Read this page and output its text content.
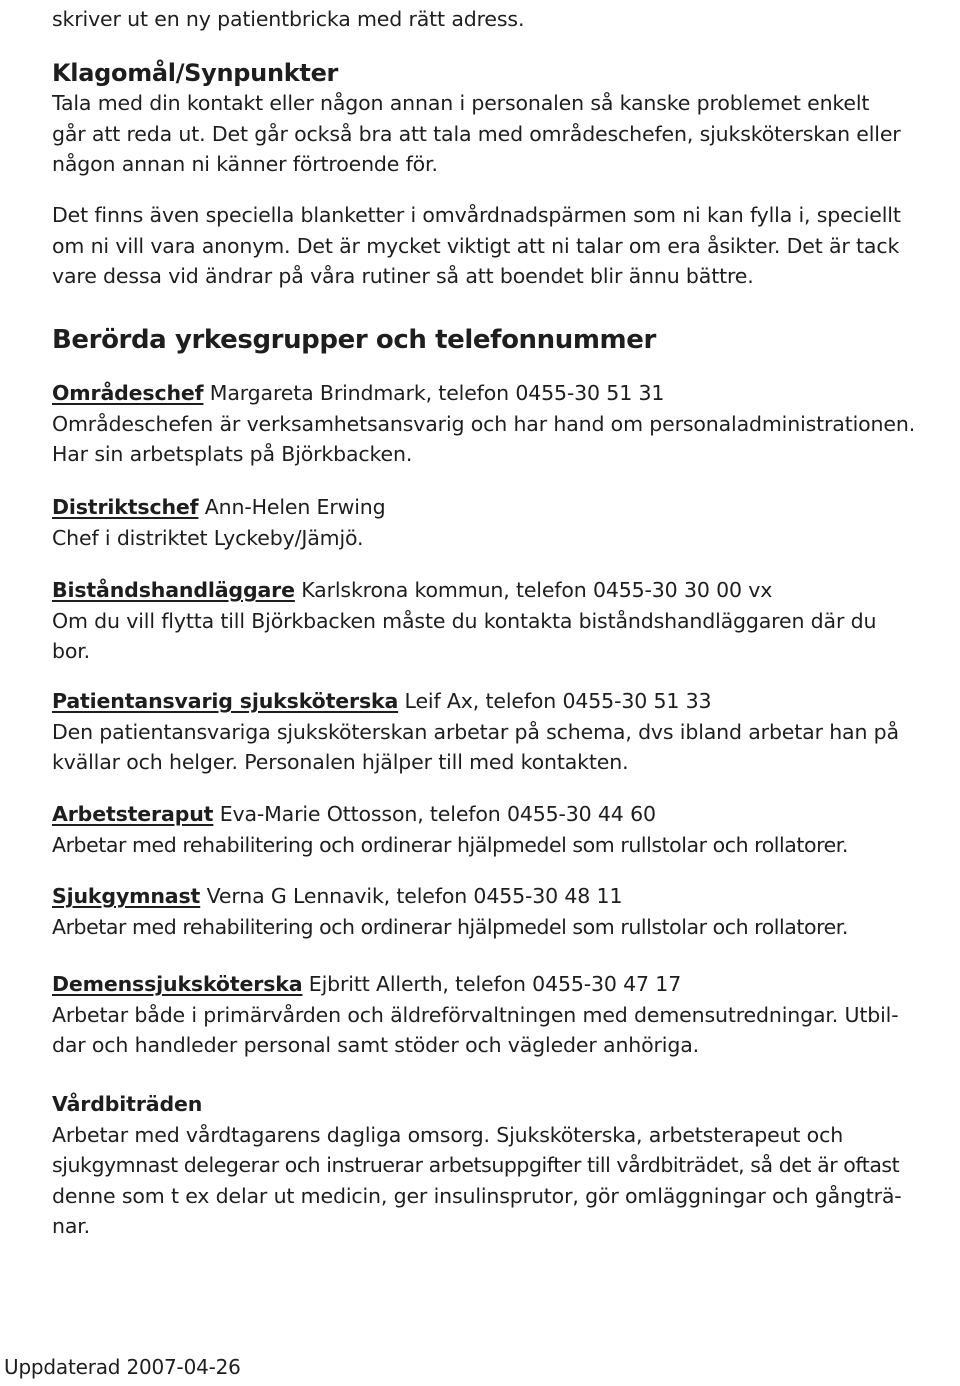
skriver ut en ny patientbricka med rätt adress.

Klagomål/Synpunkter

Tala med din kontakt eller någon annan i personalen så kanske problemet enkelt
går att reda ut. Det går också bra att tala med områdeschefen, sjuksköterskan eller
någon annan ni känner förtroende för.

Det finns även speciella blanketter i omvårdnadspärmen som ni kan fylla i, speciellt
om ni vill vara anonym. Det är mycket viktigt att ni talar om era åsikter. Det är tack
vare dessa vid ändrar på våra rutiner så att boendet blir ännu bättre.

Berörda yrkesgrupper och telefonnummer

Områdeschef Margareta Brindmark, telefon 0455-30 51 31
Områdeschefen är verksamhetsansvarig och har hand om personaladministrationen.
Har sin arbetsplats på Björkbacken.

Distriktschef Ann-Helen Erwing
Chef i distriktet Lyckeby/Jämjö.

Biståndshandläggare Karlskrona kommun, telefon 0455-30 30 00 vx
Om du vill flytta till Björkbacken måste du kontakta biståndshandläggaren där du
bor.

Patientansvarig sjuksköterska Leif Ax, telefon 0455-30 51 33
Den patientansvariga sjuksköterskan arbetar på schema, dvs ibland arbetar han på
kvällar och helger. Personalen hjälper till med kontakten.

Arbetsteraput Eva-Marie Ottosson, telefon 0455-30 44 60
Arbetar med rehabilitering och ordinerar hjälpmedel som rullstolar och rollatorer.

Sjukgymnast Verna G Lennavik, telefon 0455-30 48 11
Arbetar med rehabilitering och ordinerar hjälpmedel som rullstolar och rollatorer.

Demenssjuksköterska Ejbritt Allerth, telefon 0455-30 47 17
Arbetar både i primärvården och äldreförvaltningen med demensutredningar. Utbil-
dar och handleder personal samt stöder och vägleder anhöriga.

Vårdbiträden
Arbetar med vårdtagarens dagliga omsorg. Sjuksköterska, arbetsterapeut och
sjukgymnast delegerar och instruerar arbetsuppgifter till vårdbiträdet, så det är oftast
denne som t ex delar ut medicin, ger insulinsprutor, gör omläggningar och gångträ-
nar.

Uppdaterad 2007-04-26
